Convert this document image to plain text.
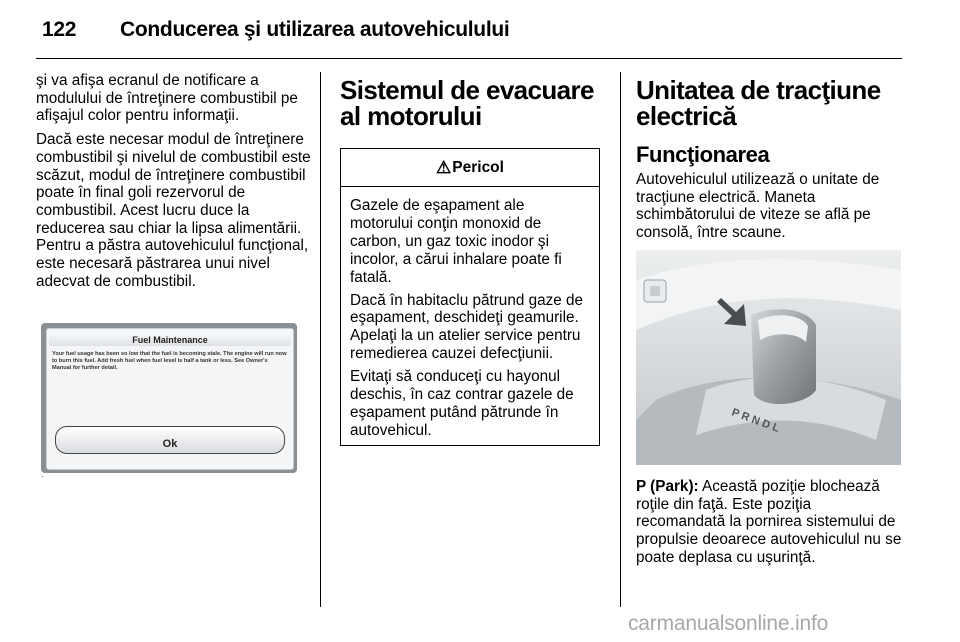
122 Conducerea şi utilizarea autovehiculului

şi va afişa ecranul de notificare a modulului de întreţinere combustibil pe afişajul color pentru informaţii.

Dacă este necesar modul de întreţinere combustibil şi nivelul de combustibil este scăzut, modul de întreţinere combustibil poate în final goli rezervorul de combustibil. Acest lucru duce la reducerea sau chiar la lipsa alimentării. Pentru a păstra autovehiculul funcţional, este necesară păstrarea unui nivel adecvat de combustibil.

Fuel Maintenance
Your fuel usage has been so low that the fuel is becoming stale. The engine will run now to burn this fuel. Add fresh fuel when fuel level is half a tank or less. See Owner's Manual for further detail.
Ok
·
Sistemul de evacuare al motorului
⚠Pericol

Gazele de eşapament ale motorului conţin monoxid de carbon, un gaz toxic inodor şi incolor, a cărui inhalare poate fi fatală.

Dacă în habitaclu pătrund gaze de eşapament, deschideţi geamurile. Apelaţi la un atelier service pentru remedierea cauzei defecţiunii.

Evitaţi să conduceţi cu hayonul deschis, în caz contrar gazele de eşapament putând pătrunde în autovehicul.

Unitatea de tracţiune electrică
Funcţionarea

Autovehiculul utilizează o unitate de tracţiune electrică. Maneta schimbătorului de viteze se află pe consolă, între scaune.

P R N D L

P (Park): Această poziţie blochează roţile din faţă. Este poziţia recomandată la pornirea sistemului de propulsie deoarece autovehiculul nu se poate deplasa cu uşurinţă.

carmanualsonline.info
